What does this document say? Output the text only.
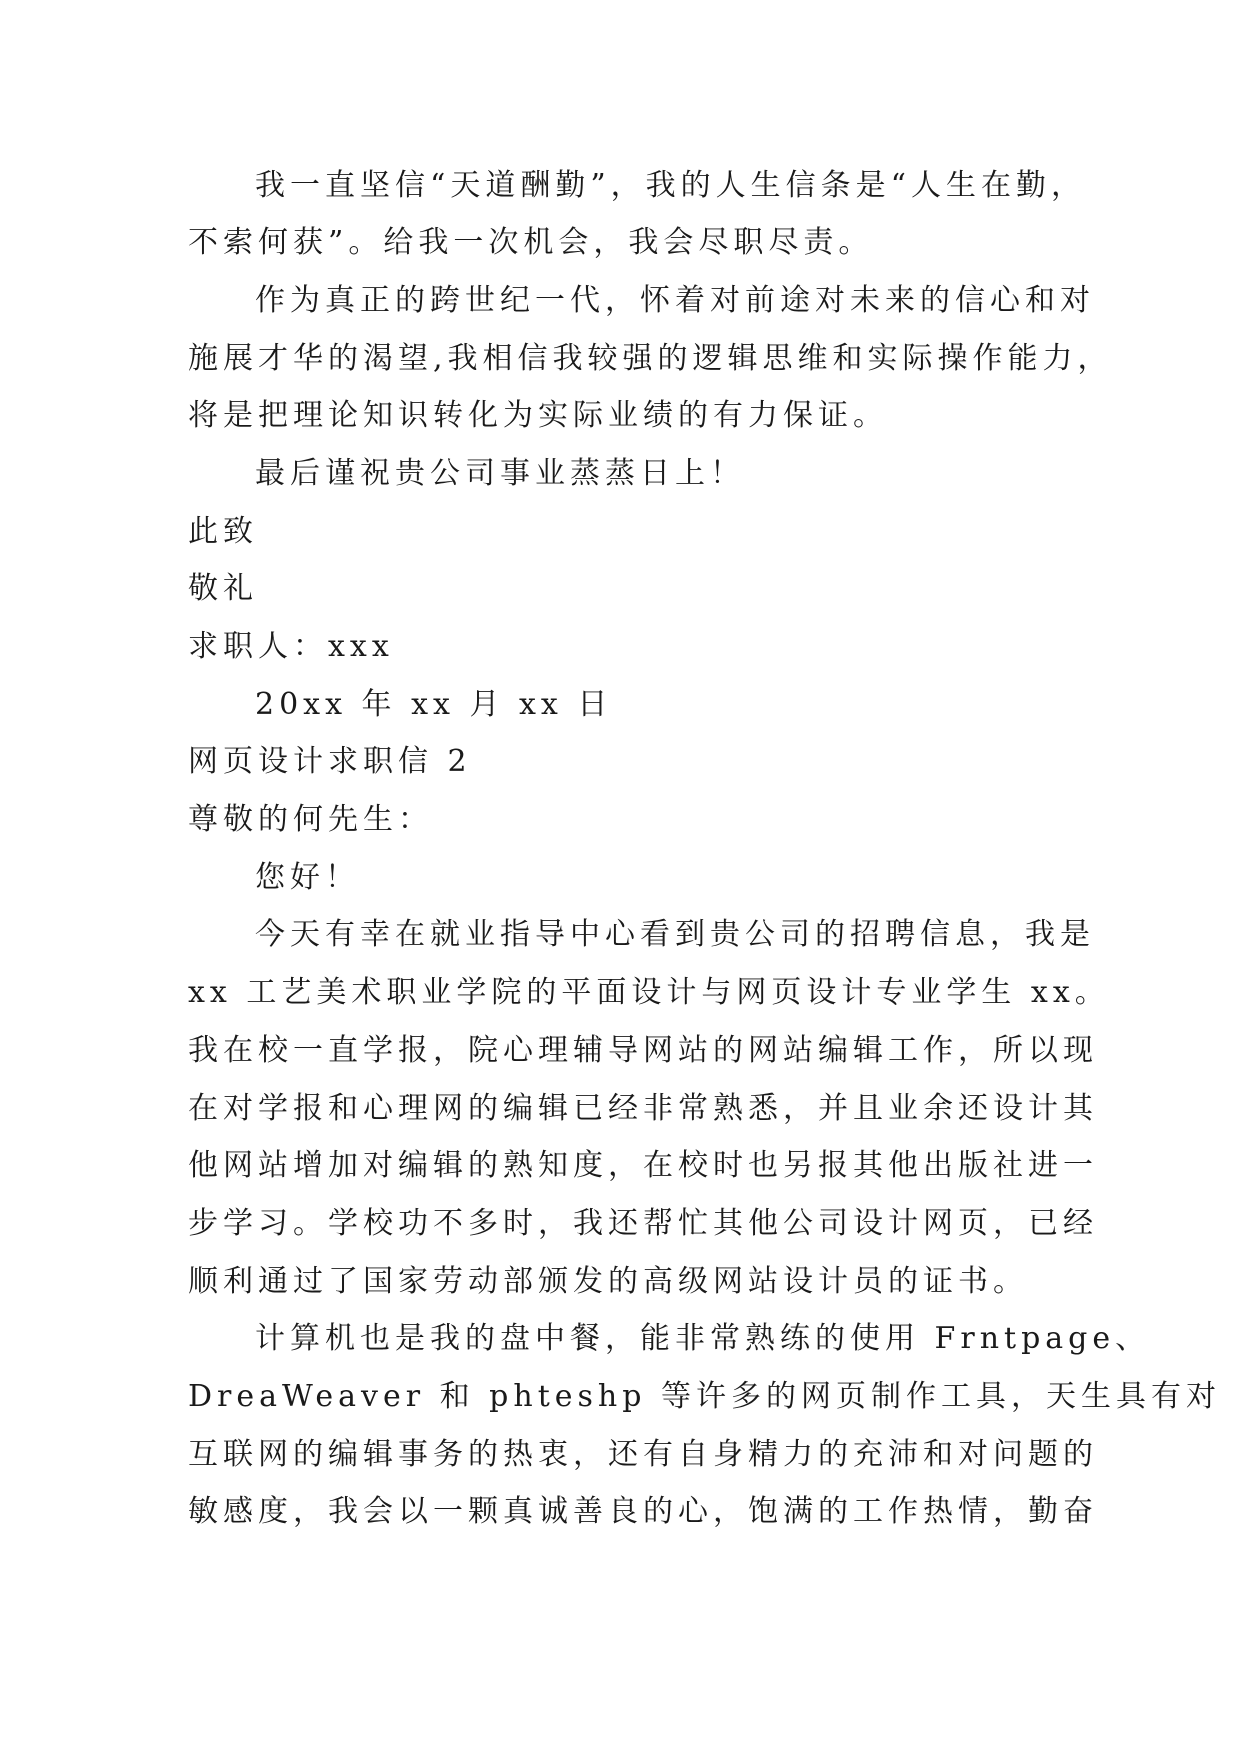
我一直坚信“天道酬勤”，我的人生信条是“人生在勤，
不索何获”。给我一次机会，我会尽职尽责。
作为真正的跨世纪一代，怀着对前途对未来的信心和对
施展才华的渴望,我相信我较强的逻辑思维和实际操作能力，
将是把理论知识转化为实际业绩的有力保证。
最后谨祝贵公司事业蒸蒸日上！
此致
敬礼
求职人：xxx
20xx 年 xx 月 xx 日
网页设计求职信 2
尊敬的何先生：
您好！
今天有幸在就业指导中心看到贵公司的招聘信息，我是
xx 工艺美术职业学院的平面设计与网页设计专业学生 xx。
我在校一直学报，院心理辅导网站的网站编辑工作，所以现
在对学报和心理网的编辑已经非常熟悉，并且业余还设计其
他网站增加对编辑的熟知度，在校时也另报其他出版社进一
步学习。学校功不多时，我还帮忙其他公司设计网页，已经
顺利通过了国家劳动部颁发的高级网站设计员的证书。
计算机也是我的盘中餐，能非常熟练的使用 Frntpage、
DreaWeaver 和 phteshp 等许多的网页制作工具，天生具有对
互联网的编辑事务的热衷，还有自身精力的充沛和对问题的
敏感度，我会以一颗真诚善良的心，饱满的工作热情，勤奋
